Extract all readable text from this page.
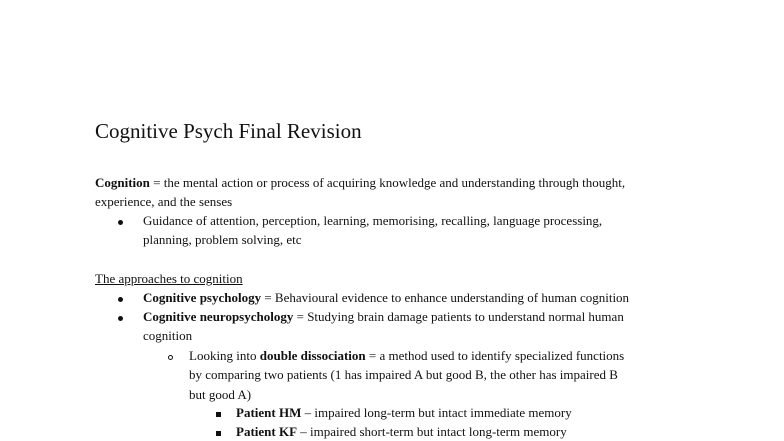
Cognitive Psych Final Revision
Cognition = the mental action or process of acquiring knowledge and understanding through thought,
experience, and the senses
Guidance of attention, perception, learning, memorising, recalling, language processing,
planning, problem solving, etc
The approaches to cognition
Cognitive psychology = Behavioural evidence to enhance understanding of human cognition
Cognitive neuropsychology = Studying brain damage patients to understand normal human
cognition
Looking into double dissociation = a method used to identify specialized functions
by comparing two patients (1 has impaired A but good B, the other has impaired B
but good A)
Patient HM – impaired long-term but intact immediate memory
Patient KF – impaired short-term but intact long-term memory
